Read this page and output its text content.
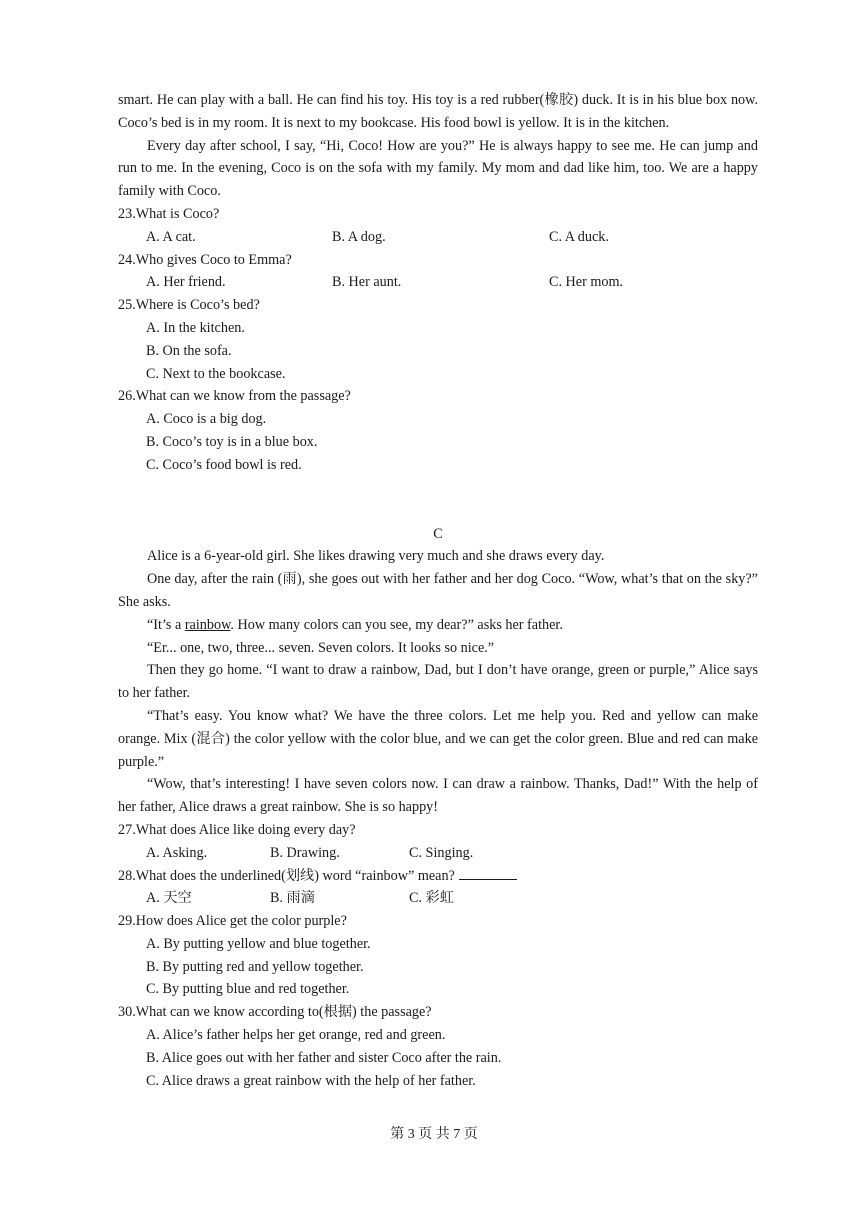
smart. He can play with a ball. He can find his toy. His toy is a red rubber(橡胶) duck. It is in his blue box now. Coco’s bed is in my room. It is next to my bookcase. His food bowl is yellow. It is in the kitchen.

Every day after school, I say, “Hi, Coco! How are you?” He is always happy to see me. He can jump and run to me. In the evening, Coco is on the sofa with my family. My mom and dad like him, too. We are a happy family with Coco.

23.What is Coco?

A. A cat.	B. A dog.	C. A duck.

24.Who gives Coco to Emma?

A. Her friend.	B. Her aunt.	C. Her mom.

25.Where is Coco’s bed?

A. In the kitchen.

B. On the sofa.

C. Next to the bookcase.

26.What can we know from the passage?

A. Coco is a big dog.

B. Coco’s toy is in a blue box.

C. Coco’s food bowl is red.

C

Alice is a 6-year-old girl. She likes drawing very much and she draws every day.

One day, after the rain (雨), she goes out with her father and her dog Coco. “Wow, what’s that on the sky?” She asks.

“It’s a rainbow. How many colors can you see, my dear?” asks her father.

“Er... one, two, three... seven. Seven colors. It looks so nice.”

Then they go home. “I want to draw a rainbow, Dad, but I don’t have orange, green or purple,” Alice says to her father.

“That’s easy. You know what? We have the three colors. Let me help you. Red and yellow can make orange. Mix (混合) the color yellow with the color blue, and we can get the color green. Blue and red can make purple.”

“Wow, that’s interesting! I have seven colors now. I can draw a rainbow. Thanks, Dad!” With the help of her father, Alice draws a great rainbow. She is so happy!

27.What does Alice like doing every day?

A. Asking.	B. Drawing.	C. Singing.

28.What does the underlined(划线) word “rainbow” mean?

A. 天空	B. 雨滴	C. 彩虹

29.How does Alice get the color purple?

A. By putting yellow and blue together.

B. By putting red and yellow together.

C. By putting blue and red together.

30.What can we know according to(根据) the passage?

A. Alice’s father helps her get orange, red and green.

B. Alice goes out with her father and sister Coco after the rain.

C. Alice draws a great rainbow with the help of her father.

第 3 页 共 7 页
